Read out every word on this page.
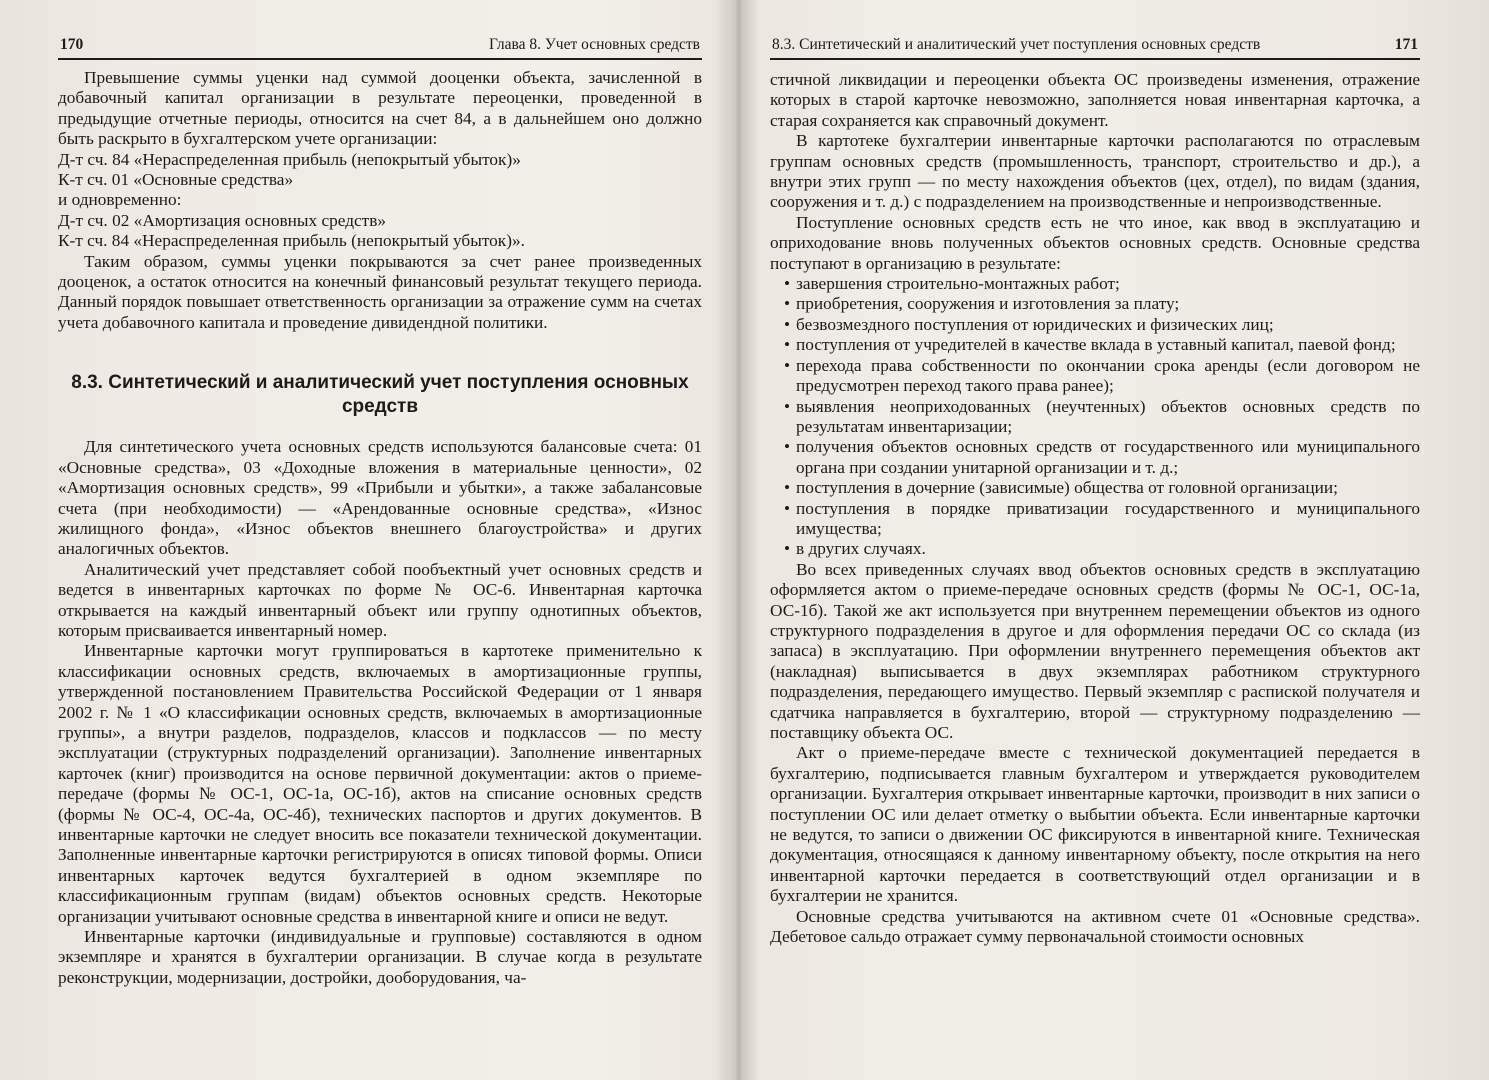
170	Глава 8. Учет основных средств

Превышение суммы уценки над суммой дооценки объекта, зачисленной в добавочный капитал организации в результате переоценки, проведенной в предыдущие отчетные периоды, относится на счет 84, а в дальнейшем оно должно быть раскрыто в бухгалтерском учете организации:

Д-т сч. 84 «Нераспределенная прибыль (непокрытый убыток)»

К-т сч. 01 «Основные средства»

и одновременно:

Д-т сч. 02 «Амортизация основных средств»

К-т сч. 84 «Нераспределенная прибыль (непокрытый убыток)».

Таким образом, суммы уценки покрываются за счет ранее произведенных дооценок, а остаток относится на конечный финансовый результат текущего периода. Данный порядок повышает ответственность организации за отражение сумм на счетах учета добавочного капитала и проведение дивидендной политики.

8.3. Синтетический и аналитический учет поступления основных средств

Для синтетического учета основных средств используются балансовые счета: 01 «Основные средства», 03 «Доходные вложения в материальные ценности», 02 «Амортизация основных средств», 99 «Прибыли и убытки», а также забалансовые счета (при необходимости) — «Арендованные основные средства», «Износ жилищного фонда», «Износ объектов внешнего благоустройства» и других аналогичных объектов.

Аналитический учет представляет собой пообъектный учет основных средств и ведется в инвентарных карточках по форме № ОС-6. Инвентарная карточка открывается на каждый инвентарный объект или группу однотипных объектов, которым присваивается инвентарный номер.

Инвентарные карточки могут группироваться в картотеке применительно к классификации основных средств, включаемых в амортизационные группы, утвержденной постановлением Правительства Российской Федерации от 1 января 2002 г. № 1 «О классификации основных средств, включаемых в амортизационные группы», а внутри разделов, подразделов, классов и подклассов — по месту эксплуатации (структурных подразделений организации). Заполнение инвентарных карточек (книг) производится на основе первичной документации: актов о приеме-передаче (формы № ОС-1, ОС-1а, ОС-1б), актов на списание основных средств (формы № ОС-4, ОС-4а, ОС-4б), технических паспортов и других документов. В инвентарные карточки не следует вносить все показатели технической документации. Заполненные инвентарные карточки регистрируются в описях типовой формы. Описи инвентарных карточек ведутся бухгалтерией в одном экземпляре по классификационным группам (видам) объектов основных средств. Некоторые организации учитывают основные средства в инвентарной книге и описи не ведут.

Инвентарные карточки (индивидуальные и групповые) составляются в одном экземпляре и хранятся в бухгалтерии организации. В случае когда в результате реконструкции, модернизации, достройки, дооборудования, ча-

8.3. Синтетический и аналитический учет поступления основных средств	171

стичной ликвидации и переоценки объекта ОС произведены изменения, отражение которых в старой карточке невозможно, заполняется новая инвентарная карточка, а старая сохраняется как справочный документ.

В картотеке бухгалтерии инвентарные карточки располагаются по отраслевым группам основных средств (промышленность, транспорт, строительство и др.), а внутри этих групп — по месту нахождения объектов (цех, отдел), по видам (здания, сооружения и т. д.) с подразделением на производственные и непроизводственные.

Поступление основных средств есть не что иное, как ввод в эксплуатацию и оприходование вновь полученных объектов основных средств. Основные средства поступают в организацию в результате:

• завершения строительно-монтажных работ;

• приобретения, сооружения и изготовления за плату;

• безвозмездного поступления от юридических и физических лиц;

• поступления от учредителей в качестве вклада в уставный капитал, паевой фонд;

• перехода права собственности по окончании срока аренды (если договором не предусмотрен переход такого права ранее);

• выявления неоприходованных (неучтенных) объектов основных средств по результатам инвентаризации;

• получения объектов основных средств от государственного или муниципального органа при создании унитарной организации и т. д.;

• поступления в дочерние (зависимые) общества от головной организации;

• поступления в порядке приватизации государственного и муниципального имущества;

• в других случаях.

Во всех приведенных случаях ввод объектов основных средств в эксплуатацию оформляется актом о приеме-передаче основных средств (формы № ОС-1, ОС-1а, ОС-1б). Такой же акт используется при внутреннем перемещении объектов из одного структурного подразделения в другое и для оформления передачи ОС со склада (из запаса) в эксплуатацию. При оформлении внутреннего перемещения объектов акт (накладная) выписывается в двух экземплярах работником структурного подразделения, передающего имущество. Первый экземпляр с распиской получателя и сдатчика направляется в бухгалтерию, второй — структурному подразделению — поставщику объекта ОС.

Акт о приеме-передаче вместе с технической документацией передается в бухгалтерию, подписывается главным бухгалтером и утверждается руководителем организации. Бухгалтерия открывает инвентарные карточки, производит в них записи о поступлении ОС или делает отметку о выбытии объекта. Если инвентарные карточки не ведутся, то записи о движении ОС фиксируются в инвентарной книге. Техническая документация, относящаяся к данному инвентарному объекту, после открытия на него инвентарной карточки передается в соответствующий отдел организации и в бухгалтерии не хранится.

Основные средства учитываются на активном счете 01 «Основные средства». Дебетовое сальдо отражает сумму первоначальной стоимости основных
